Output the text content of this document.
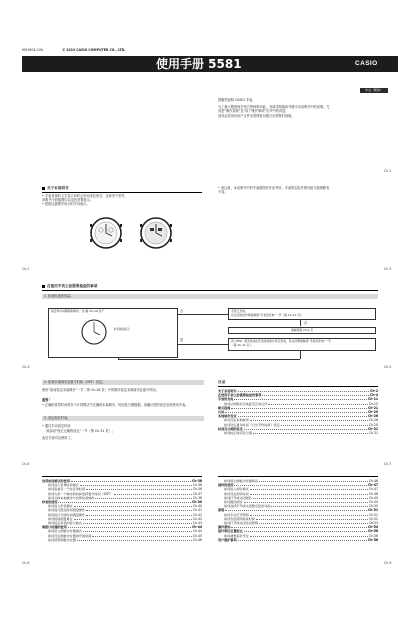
MO1904-CVA	© 2019 CASIO COMPUTER CO., LTD.
使用手册 5581	CASIO
中文（简体）
感谢您选购 CASIO 手表。
为了最大限度地享受它的种种功能，务请详细阅读并遵守本说明书中的说明。尤
其是“操作须知”及“用户维护事项”各节中的讲述。
请务必将所有用户文件妥善保管以便日后需要时查阅。
Ch-1
关于本说明书
• 手表具体的文字显示有时会采用浅色形式，这取决于型号。
说明书中的插图均以浅色背景展示。
• 按钮以插图中所示的字母表示。
• 请注意，本说明书中的手表插图仅作参考用。手表的实际外观可能与插图略有
不同。
Ch-2	Ch-3
在使用手表之前需要检查的事项
1. 检查电池的电量。
是否秒针每隔两秒跳动一次(第 Ch-19 页)？
秒针跳动指示
否
是
手表已充电。
有关充电的详情请参阅“手表的充电”一节（第 Ch-11 页）。
否
请参照第 Ch-2 页
是 (YES): 请手表放在充光能的地方进行充电。有关详情请参阅“手表的充电”一节
（第 Ch-11 页）。
Ch-4	Ch-5
2. 检查本地城市及夏令时间（DST）设定。
使用“如何设定本地城市”一节（第 Ch-26 页）中的操作设定本地城市及夏令时间。
重要！
• 正确的世界时间等各个计时模式中正确的本地城市，时间及日期数据，请确认您的设定后再使用手表。
3. 设定现在时间。
• 通过手动设定时间
请参阅“校正正确的设定”一节（第 Ch-31 页）。
此后手表可以使用了。
Ch-6
目录
关于本说明书	Ch-2
在使用手表之前需要检查的事项	Ch-4
手表的充电	Ch-11
如何从休眠状态恢复至正常运作	Ch-15
模式指南	Ch-21
计时	Ch-25
本地城市设定	Ch-26
如何设定本地城市	Ch-26
如何设定夏令时间（日光节约时间）设定	Ch-29
时间及日期的设定	Ch-31
如何校正时间及日期	Ch-31
Ch-7
世界时间模式的使用	Ch-36
如何进入世界时间模式	Ch-36
如何查看另一个时区的时间	Ch-36
如何为某一个城市的时间选择夏令时间（DST）	Ch-37
如何交换本地城市与世界时间城市	Ch-38
秒表的使用	Ch-40
如何进入秒表模式	Ch-40
如何进行经过时间测量操作	Ch-41
如何进行分段时间测量操作	Ch-42
如何转换测量单位	Ch-43
如何指定秒表的显示格式	Ch-43
倒数计时器的使用	Ch-44
如何进入倒数计时器模式	Ch-44
如何设定倒数计时器的开始时间	Ch-45
如何使用倒数计时器	Ch-46
如何停止倒数计时器鸣音	Ch-46
闹铃的使用	Ch-47
如何进入闹铃模式	Ch-47
如何设定闹铃时间	Ch-48
如何打开或关闭闹铃	Ch-49
如何测试闹铃	Ch-50
如何选择打开或关闭整点报时功能	Ch-50
照明	Ch-51
如何手动打开照明	Ch-51
如何改变照明持续时间	Ch-52
如何打开或关闭自动照明	Ch-53
操作须知	Ch-54
指针零位位置校正	Ch-56
如何调整指针零位	Ch-56
用户维护事项	Ch-58
Ch-8	Ch-9
